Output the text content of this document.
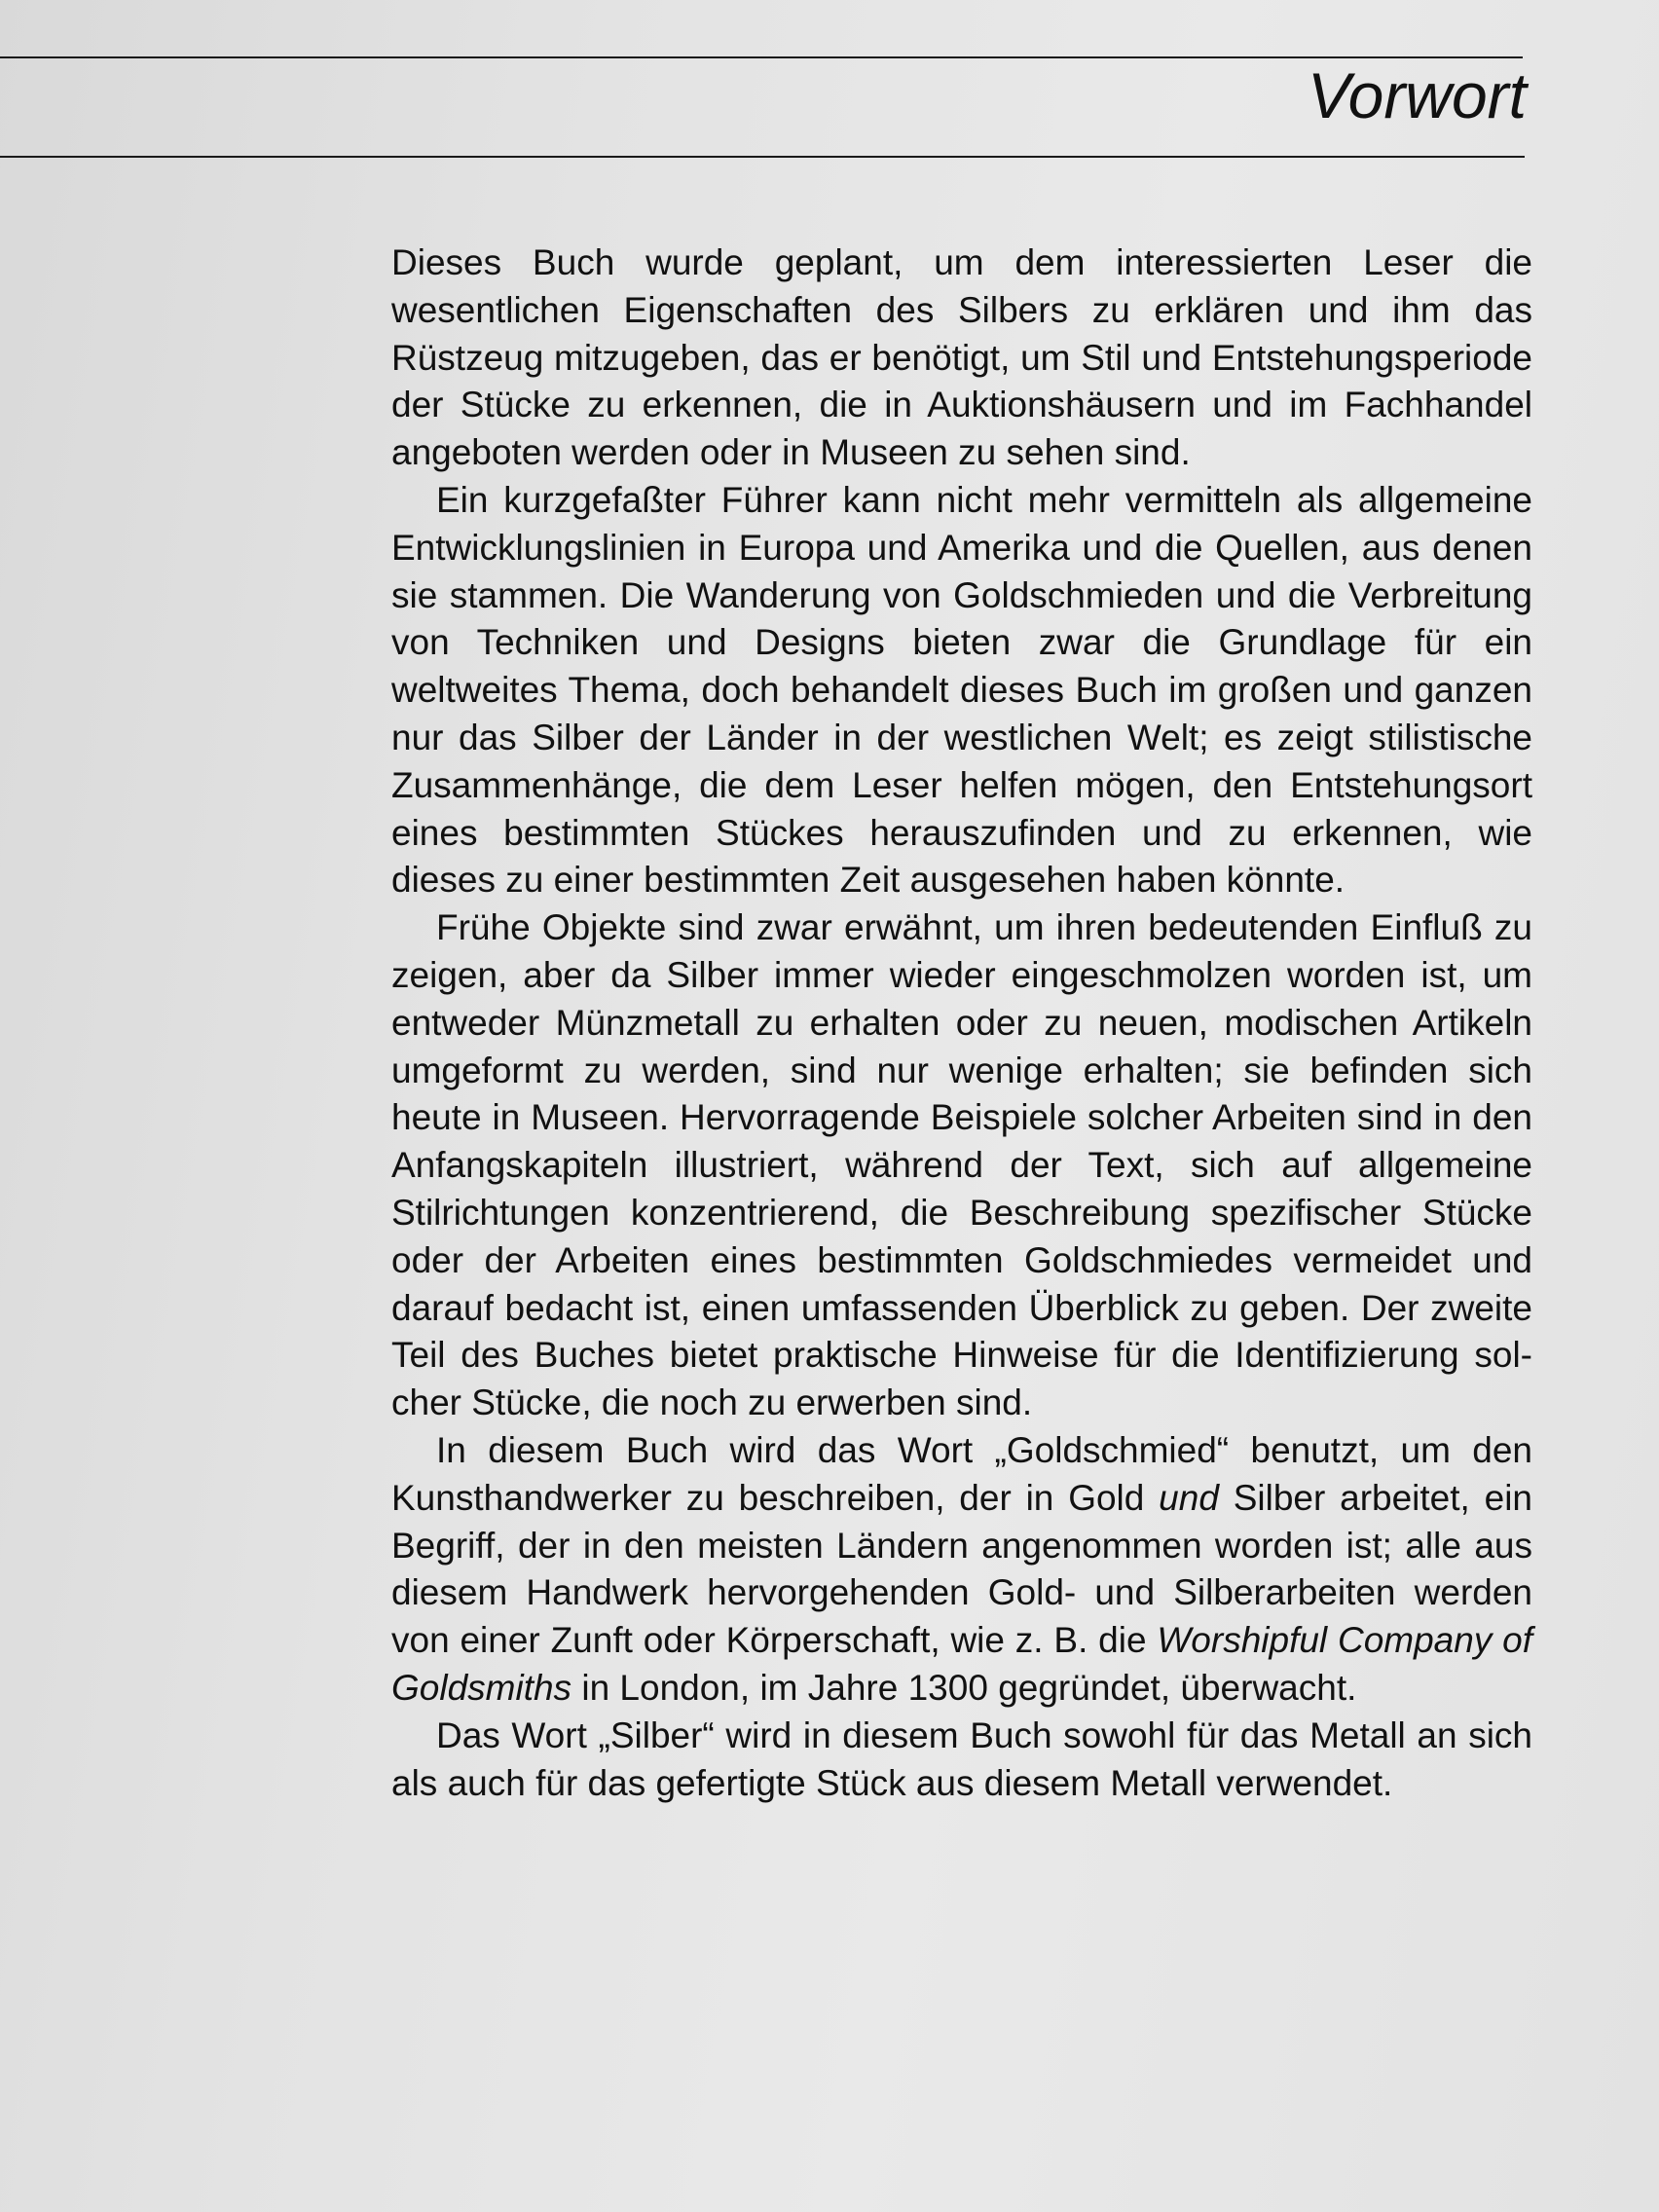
Vorwort

Dieses Buch wurde geplant, um dem interessierten Leser die wesentlichen Eigenschaften des Silbers zu erklären und ihm das Rüstzeug mitzugeben, das er benötigt, um Stil und Entstehungsperiode der Stücke zu erkennen, die in Auktionshäusern und im Fachhandel angeboten werden oder in Museen zu sehen sind.

Ein kurzgefaßter Führer kann nicht mehr vermitteln als allgemeine Entwicklungslinien in Europa und Amerika und die Quellen, aus denen sie stammen. Die Wanderung von Goldschmieden und die Verbreitung von Techniken und Designs bieten zwar die Grundlage für ein weltweites Thema, doch behandelt dieses Buch im großen und ganzen nur das Silber der Länder in der westlichen Welt; es zeigt stilistische Zusammenhänge, die dem Leser helfen mögen, den Entstehungsort eines bestimmten Stückes herauszufinden und zu erkennen, wie dieses zu einer bestimmten Zeit ausgesehen haben könnte.

Frühe Objekte sind zwar erwähnt, um ihren bedeutenden Einfluß zu zeigen, aber da Silber immer wieder eingeschmolzen worden ist, um entweder Münzmetall zu erhalten oder zu neuen, modischen Artikeln umgeformt zu werden, sind nur wenige erhalten; sie befinden sich heute in Museen. Hervorragende Beispiele solcher Arbeiten sind in den Anfangskapiteln illustriert, während der Text, sich auf allgemeine Stilrichtungen konzentrierend, die Beschreibung spezifischer Stücke oder der Arbeiten eines bestimmten Goldschmiedes vermeidet und darauf bedacht ist, einen umfassenden Überblick zu geben. Der zweite Teil des Buches bietet praktische Hinweise für die Identifizierung solcher Stücke, die noch zu erwerben sind.

In diesem Buch wird das Wort „Goldschmied“ benutzt, um den Kunsthandwerker zu beschreiben, der in Gold und Silber arbeitet, ein Begriff, der in den meisten Ländern angenommen worden ist; alle aus diesem Handwerk hervorgehenden Gold- und Silberarbeiten werden von einer Zunft oder Körperschaft, wie z. B. die Worshipful Company of Goldsmiths in London, im Jahre 1300 gegründet, überwacht.

Das Wort „Silber“ wird in diesem Buch sowohl für das Metall an sich als auch für das gefertigte Stück aus diesem Metall verwendet.
